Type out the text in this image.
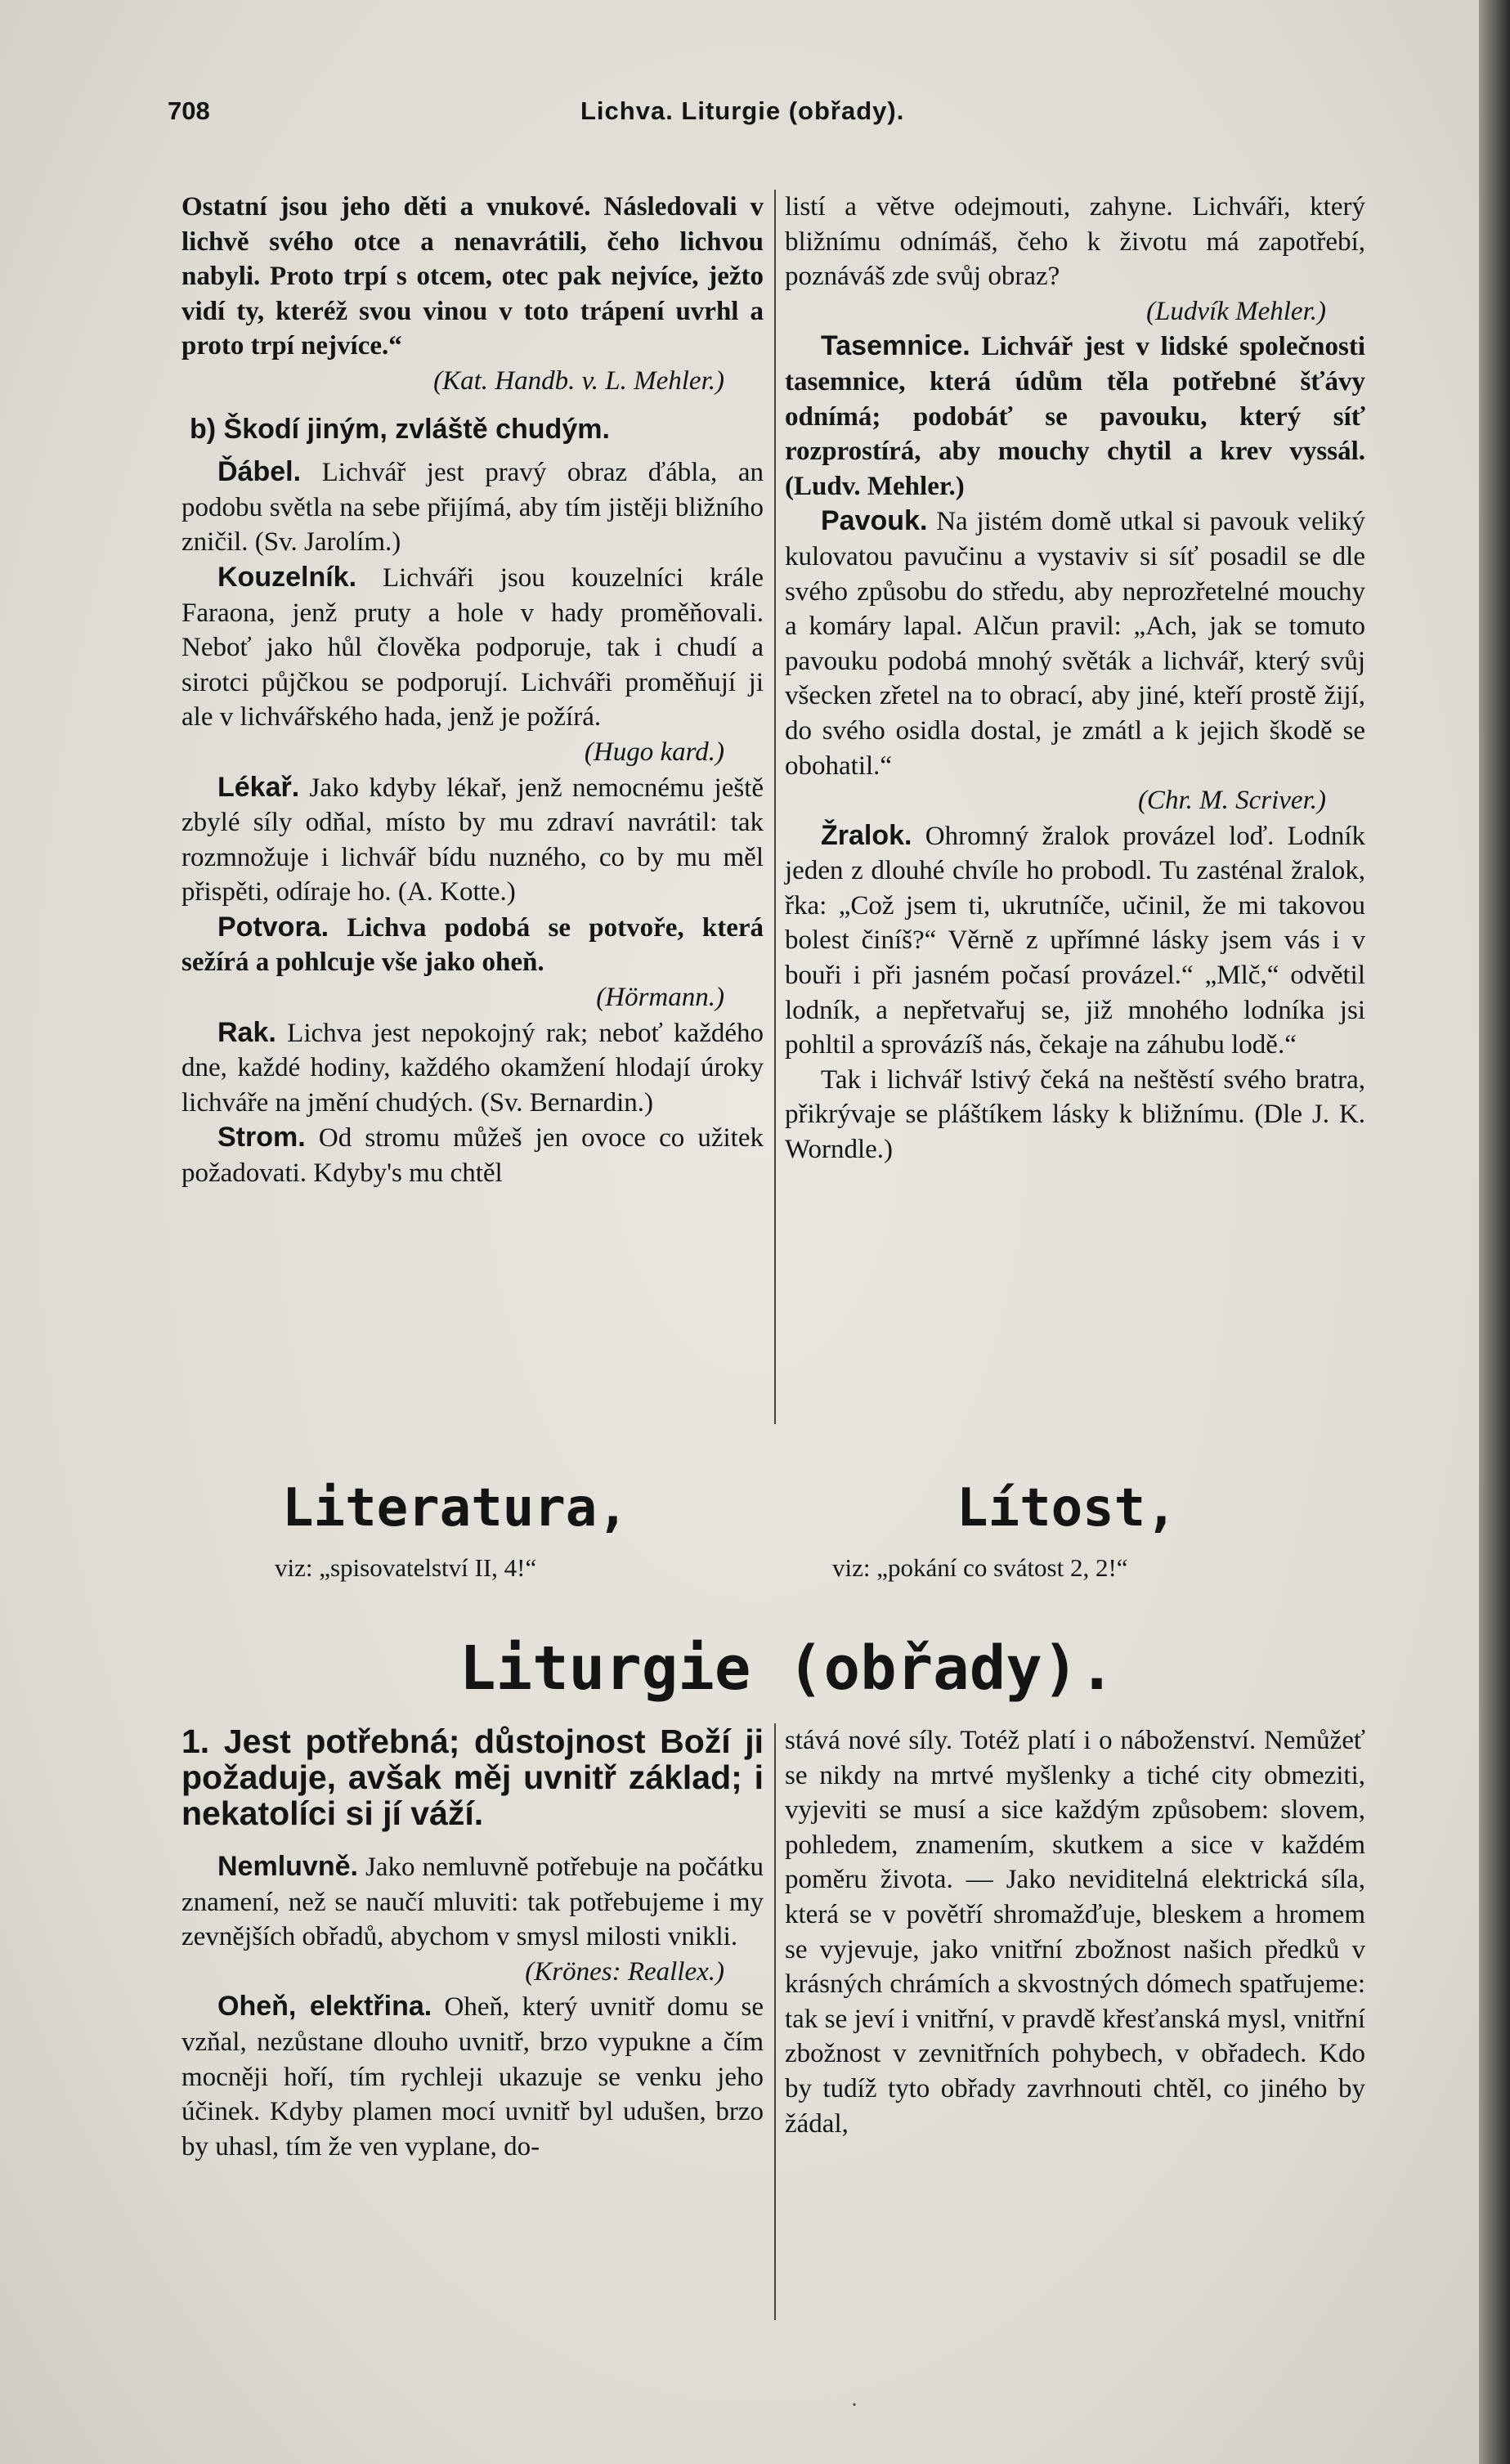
708	Lichva. Liturgie (obřady).

Ostatní jsou jeho děti a vnukové. Následovali v lichvě svého otce a nenavrátili, čeho lichvou nabyli. Proto trpí s otcem, otec pak nejvíce, ježto vidí ty, kteréž svou vinou v toto trápení uvrhl a proto trpí nejvíce.“

(Kat. Handb. v. L. Mehler.)

b) Škodí jiným, zvláště chudým.

Ďábel. Lichvář jest pravý obraz ďábla, an podobu světla na sebe přijímá, aby tím jistěji bližního zničil. (Sv. Jarolím.)

Kouzelník. Lichváři jsou kouzelníci krále Faraona, jenž pruty a hole v hady proměňovali. Neboť jako hůl člověka podporuje, tak i chudí a sirotci půjčkou se podporují. Lichváři proměňují ji ale v lichvářského hada, jenž je požírá.

(Hugo kard.)

Lékař. Jako kdyby lékař, jenž nemocnému ještě zbylé síly odňal, místo by mu zdraví navrátil: tak rozmnožuje i lichvář bídu nuzného, co by mu měl přispěti, odíraje ho. (A. Kotte.)

Potvora. Lichva podobá se potvoře, která sežírá a pohlcuje vše jako oheň.

(Hörmann.)

Rak. Lichva jest nepokojný rak; neboť každého dne, každé hodiny, každého okamžení hlodají úroky lichváře na jmění chudých. (Sv. Bernardin.)

Strom. Od stromu můžeš jen ovoce co užitek požadovati. Kdyby's mu chtěl

listí a větve odejmouti, zahyne. Lichváři, který bližnímu odnímáš, čeho k životu má zapotřebí, poznáváš zde svůj obraz?

(Ludvík Mehler.)

Tasemnice. Lichvář jest v lidské společnosti tasemnice, která údům těla potřebné šťávy odnímá; podobáť se pavouku, který síť rozprostírá, aby mouchy chytil a krev vyssál. (Ludv. Mehler.)

Pavouk. Na jistém domě utkal si pavouk veliký kulovatou pavučinu a vystaviv si síť posadil se dle svého způsobu do středu, aby neprozřetelné mouchy a komáry lapal. Alčun pravil: „Ach, jak se tomuto pavouku podobá mnohý světák a lichvář, který svůj všecken zřetel na to obrací, aby jiné, kteří prostě žijí, do svého osidla dostal, je zmátl a k jejich škodě se obohatil.“

(Chr. M. Scriver.)

Žralok. Ohromný žralok provázel loď. Lodník jeden z dlouhé chvíle ho probodl. Tu zasténal žralok, řka: „Což jsem ti, ukrutníče, učinil, že mi takovou bolest činíš?“ Věrně z upřímné lásky jsem vás i v bouři i při jasném počasí provázel.“ „Mlč,“ odvětil lodník, a nepřetvařuj se, již mnohého lodníka jsi pohltil a sprovázíš nás, čekaje na záhubu lodě.“

Tak i lichvář lstivý čeká na neštěstí svého bratra, přikrývaje se pláštíkem lásky k bližnímu. (Dle J. K. Worndle.)

Literatura,
viz: „spisovatelství II, 4!“
Lítost,
viz: „pokání co svátost 2, 2!“
Liturgie (obřady).

1. Jest potřebná; důstojnost Boží ji požaduje, avšak měj uvnitř základ; i nekatolíci si jí váží.

Nemluvně. Jako nemluvně potřebuje na počátku znamení, než se naučí mluviti: tak potřebujeme i my zevnějších obřadů, abychom v smysl milosti vnikli.

(Krönes: Reallex.)

Oheň, elektřina. Oheň, který uvnitř domu se vzňal, nezůstane dlouho uvnitř, brzo vypukne a čím mocněji hoří, tím rychleji ukazuje se venku jeho účinek. Kdyby plamen mocí uvnitř byl udušen, brzo by uhasl, tím že ven vyplane, do-

stává nové síly. Totéž platí i o náboženství. Nemůžeť se nikdy na mrtvé myšlenky a tiché city obmeziti, vyjeviti se musí a sice každým způsobem: slovem, pohledem, znamením, skutkem a sice v každém poměru života. — Jako neviditelná elektrická síla, která se v povětří shromažďuje, bleskem a hromem se vyjevuje, jako vnitřní zbožnost našich předků v krásných chrámích a skvostných dómech spatřujeme: tak se jeví i vnitřní, v pravdě křesťanská mysl, vnitřní zbožnost v zevnitřních pohybech, v obřadech. Kdo by tudíž tyto obřady zavrhnouti chtěl, co jiného by žádal,

·
